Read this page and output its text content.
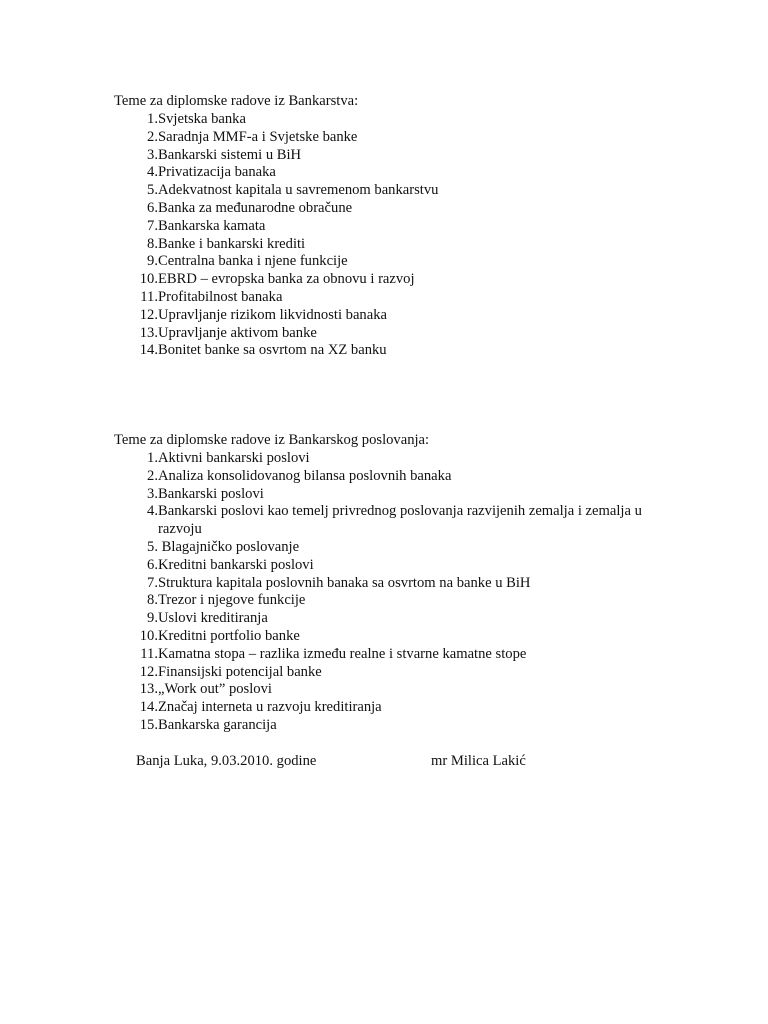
Teme za diplomske radove iz Bankarstva:
1. Svjetska banka
2. Saradnja MMF-a i Svjetske banke
3. Bankarski sistemi u BiH
4. Privatizacija banaka
5. Adekvatnost kapitala u savremenom bankarstvu
6. Banka za međunarodne obračune
7. Bankarska kamata
8. Banke i bankarski krediti
9. Centralna banka i njene funkcije
10. EBRD – evropska banka za obnovu i razvoj
11. Profitabilnost banaka
12. Upravljanje rizikom likvidnosti banaka
13. Upravljanje aktivom banke
14. Bonitet banke sa osvrtom na XZ banku
Teme za diplomske radove iz Bankarskog poslovanja:
1. Aktivni bankarski poslovi
2. Analiza konsolidovanog bilansa poslovnih banaka
3. Bankarski poslovi
4. Bankarski poslovi kao temelj privrednog poslovanja razvijenih zemalja i zemalja u razvoju
5. Blagajničko poslovanje
6. Kreditni bankarski poslovi
7. Struktura kapitala poslovnih banaka sa osvrtom na banke u BiH
8. Trezor i njegove funkcije
9. Uslovi kreditiranja
10. Kreditni portfolio banke
11. Kamatna stopa – razlika između realne i stvarne kamatne stope
12. Finansijski potencijal banke
13. „Work out” poslovi
14. Značaj interneta u razvoju kreditiranja
15. Bankarska garancija
Banja Luka, 9.03.2010. godine	mr Milica Lakić
